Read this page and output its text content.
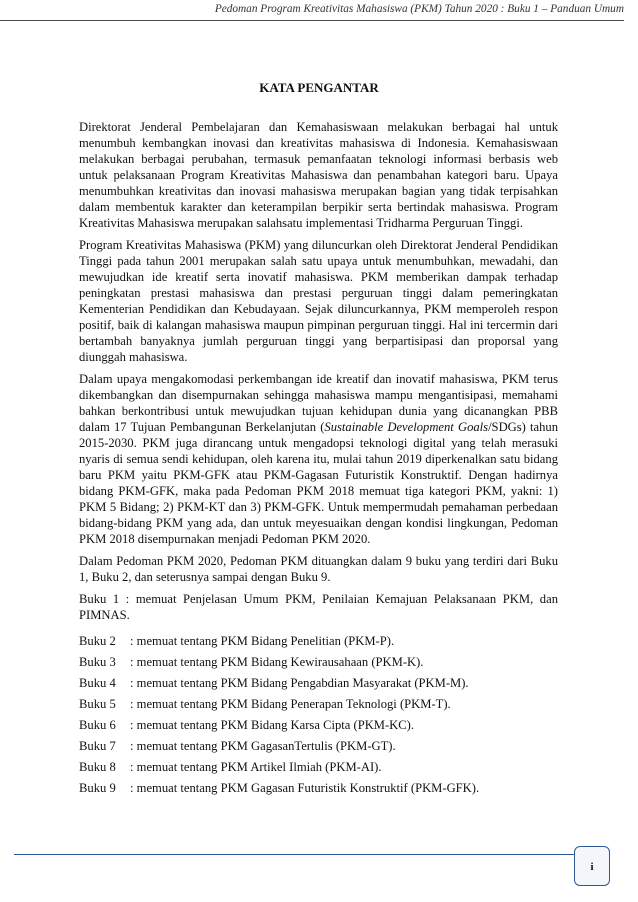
Pedoman Program Kreativitas Mahasiswa (PKM) Tahun 2020 : Buku 1 – Panduan Umum
KATA PENGANTAR

Direktorat Jenderal Pembelajaran dan Kemahasiswaan melakukan berbagai hal untuk menumbuh kembangkan inovasi dan kreativitas mahasiswa di Indonesia. Kemahasiswaan melakukan berbagai perubahan, termasuk pemanfaatan teknologi informasi berbasis web untuk pelaksanaan Program Kreativitas Mahasiswa dan penambahan kategori baru. Upaya menumbuhkan kreativitas dan inovasi mahasiswa merupakan bagian yang tidak terpisahkan dalam membentuk karakter dan keterampilan berpikir serta bertindak mahasiswa. Program Kreativitas Mahasiswa merupakan salahsatu implementasi Tridharma Perguruan Tinggi.

Program Kreativitas Mahasiswa (PKM) yang diluncurkan oleh Direktorat Jenderal Pendidikan Tinggi pada tahun 2001 merupakan salah satu upaya untuk menumbuhkan, mewadahi, dan mewujudkan ide kreatif serta inovatif mahasiswa. PKM memberikan dampak terhadap peningkatan prestasi mahasiswa dan prestasi perguruan tinggi dalam pemeringkatan Kementerian Pendidikan dan Kebudayaan. Sejak diluncurkannya, PKM memperoleh respon positif, baik di kalangan mahasiswa maupun pimpinan perguruan tinggi. Hal ini tercermin dari bertambah banyaknya jumlah perguruan tinggi yang berpartisipasi dan proporsal yang diunggah mahasiswa.

Dalam upaya mengakomodasi perkembangan ide kreatif dan inovatif mahasiswa, PKM terus dikembangkan dan disempurnakan sehingga mahasiswa mampu mengantisipasi, memahami bahkan berkontribusi untuk mewujudkan tujuan kehidupan dunia yang dicanangkan PBB dalam 17 Tujuan Pembangunan Berkelanjutan (Sustainable Development Goals/SDGs) tahun 2015-2030. PKM juga dirancang untuk mengadopsi teknologi digital yang telah merasuki nyaris di semua sendi kehidupan, oleh karena itu, mulai tahun 2019 diperkenalkan satu bidang baru PKM yaitu PKM-GFK atau PKM-Gagasan Futuristik Konstruktif. Dengan hadirnya bidang PKM-GFK, maka pada Pedoman PKM 2018 memuat tiga kategori PKM, yakni: 1) PKM 5 Bidang; 2) PKM-KT dan 3) PKM-GFK. Untuk mempermudah pemahaman perbedaan bidang-bidang PKM yang ada, dan untuk meyesuaikan dengan kondisi lingkungan, Pedoman PKM 2018 disempurnakan menjadi Pedoman PKM 2020.

Dalam Pedoman PKM 2020, Pedoman PKM dituangkan dalam 9 buku yang terdiri dari Buku 1, Buku 2, dan seterusnya sampai dengan Buku 9.

Buku 1 : memuat Penjelasan Umum PKM, Penilaian Kemajuan Pelaksanaan PKM, dan PIMNAS.

Buku 2 : memuat tentang PKM Bidang Penelitian (PKM-P).
Buku 3 : memuat tentang PKM Bidang Kewirausahaan (PKM-K).
Buku 4 : memuat tentang PKM Bidang Pengabdian Masyarakat (PKM-M).
Buku 5 : memuat tentang PKM Bidang Penerapan Teknologi (PKM-T).
Buku 6 : memuat tentang PKM Bidang Karsa Cipta (PKM-KC).
Buku 7 : memuat tentang PKM GagasanTertulis (PKM-GT).
Buku 8 : memuat tentang PKM Artikel Ilmiah (PKM-AI).
Buku 9 : memuat tentang PKM Gagasan Futuristik Konstruktif (PKM-GFK).
i
